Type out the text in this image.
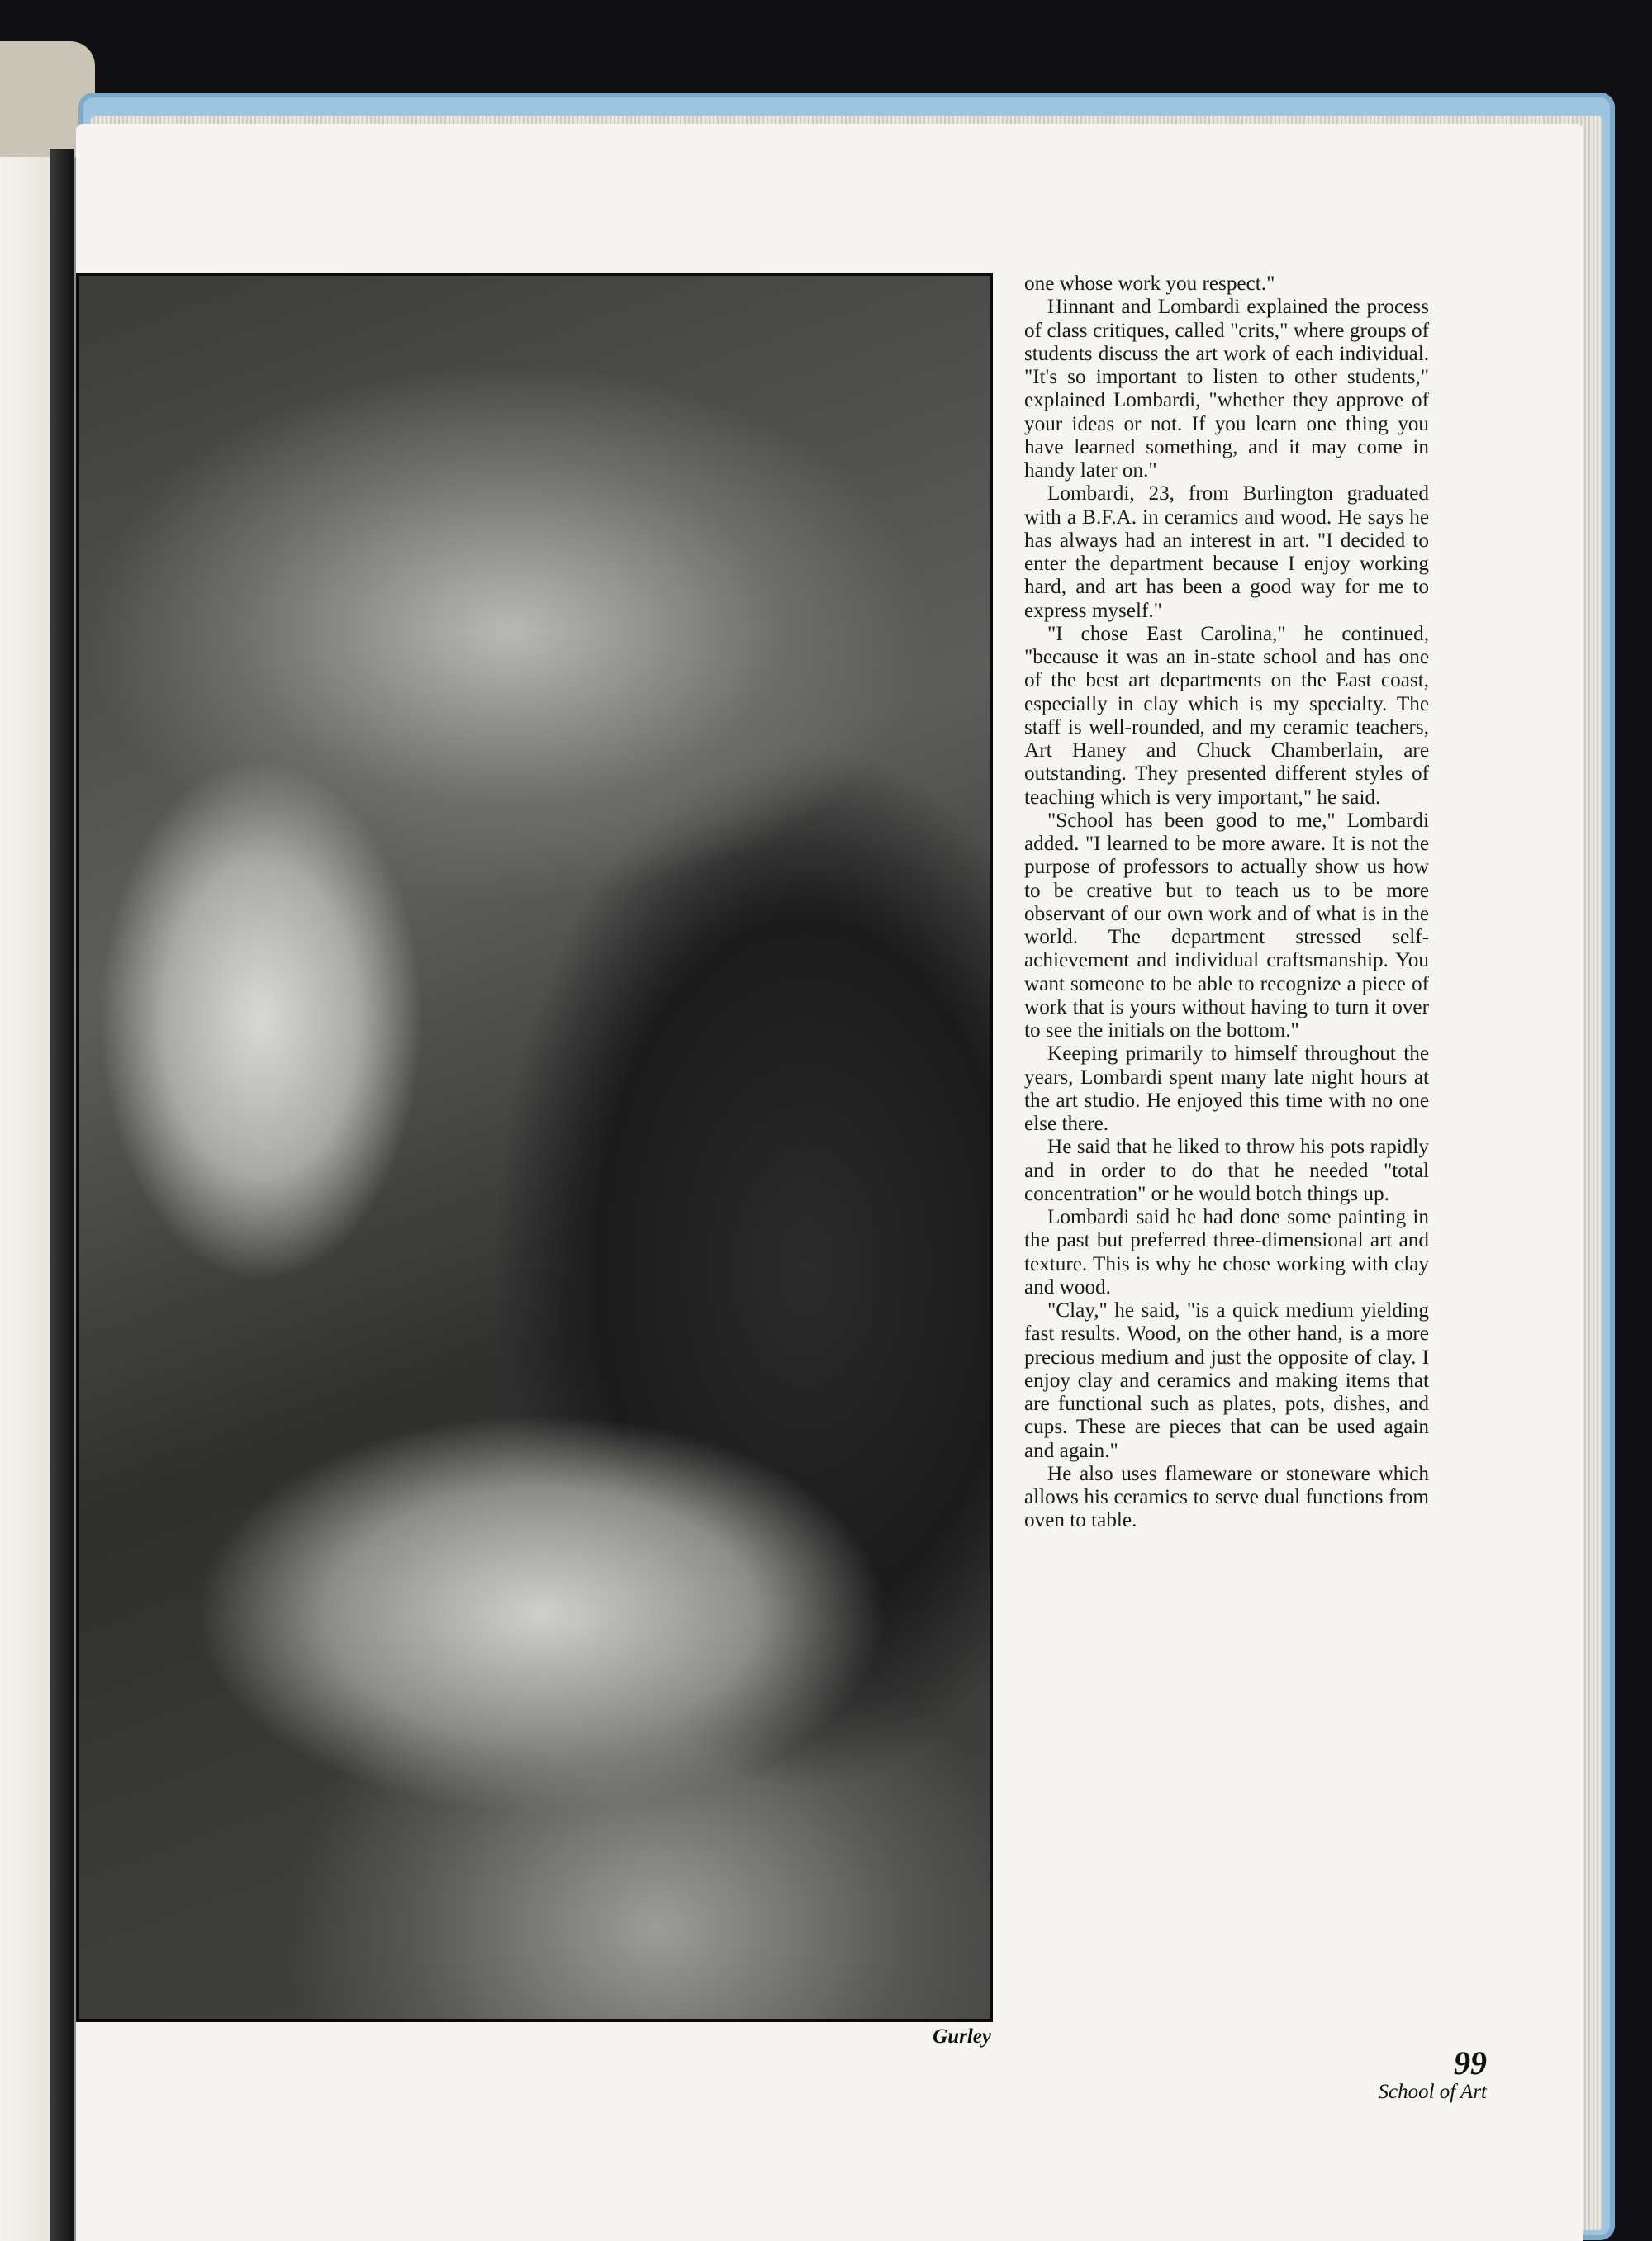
Gurley

one whose work you respect."

Hinnant and Lombardi explained the process of class critiques, called "crits," where groups of students discuss the art work of each individual. "It's so important to listen to other students," explained Lombardi, "whether they approve of your ideas or not. If you learn one thing you have learned something, and it may come in handy later on."

Lombardi, 23, from Burlington graduated with a B.F.A. in ceramics and wood. He says he has always had an interest in art. "I decided to enter the department because I enjoy working hard, and art has been a good way for me to express myself."

"I chose East Carolina," he continued, "because it was an in-state school and has one of the best art departments on the East coast, especially in clay which is my specialty. The staff is well-rounded, and my ceramic teachers, Art Haney and Chuck Chamberlain, are outstanding. They presented different styles of teaching which is very important," he said.

"School has been good to me," Lombardi added. "I learned to be more aware. It is not the purpose of professors to actually show us how to be creative but to teach us to be more observant of our own work and of what is in the world. The department stressed self-achievement and individual craftsmanship. You want someone to be able to recognize a piece of work that is yours without having to turn it over to see the initials on the bottom."

Keeping primarily to himself throughout the years, Lombardi spent many late night hours at the art studio. He enjoyed this time with no one else there.

He said that he liked to throw his pots rapidly and in order to do that he needed "total concentration" or he would botch things up.

Lombardi said he had done some painting in the past but preferred three-dimensional art and texture. This is why he chose working with clay and wood.

"Clay," he said, "is a quick medium yielding fast results. Wood, on the other hand, is a more precious medium and just the opposite of clay. I enjoy clay and ceramics and making items that are functional such as plates, pots, dishes, and cups. These are pieces that can be used again and again."

He also uses flameware or stoneware which allows his ceramics to serve dual functions from oven to table.

99
School of Art
